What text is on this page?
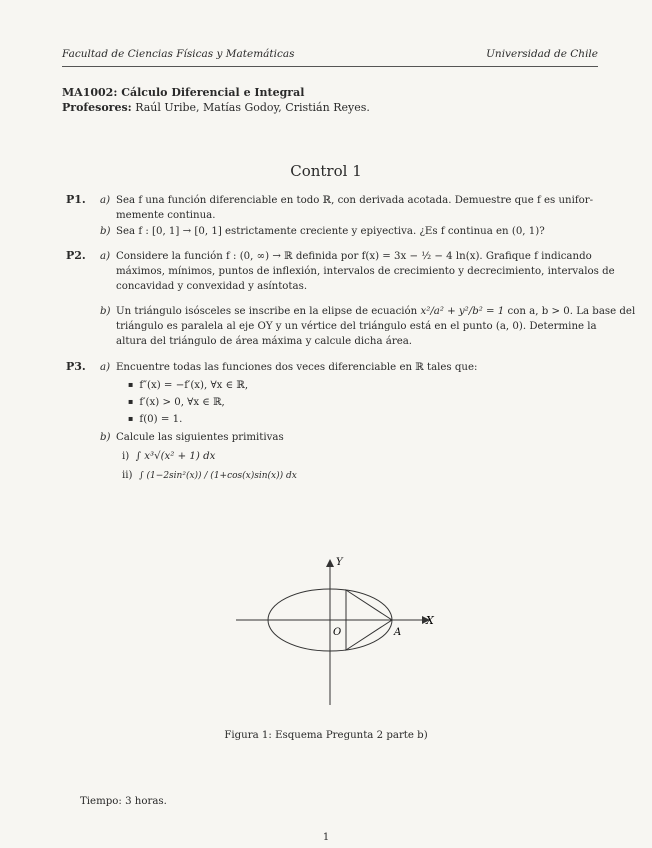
Facultad de Ciencias Físicas y Matemáticas	Universidad de Chile
MA1002: Cálculo Diferencial e Integral
Profesores: Raúl Uribe, Matías Godoy, Cristián Reyes.
Control 1
P1. a) Sea f una función diferenciable en todo ℝ, con derivada acotada. Demuestre que f es unifor-
memente continua.
b) Sea f : [0, 1] → [0, 1] estrictamente creciente y epiyectiva. ¿Es f continua en (0, 1)?
P2. a) Considere la función f : (0, ∞) → ℝ definida por f(x) = 3x − ½ − 4 ln(x). Grafique f indicando
máximos, mínimos, puntos de inflexión, intervalos de crecimiento y decrecimiento, intervalos de
concavidad y convexidad y asíntotas.
b) Un triángulo isósceles se inscribe en la elipse de ecuación x²/a² + y²/b² = 1 con a, b > 0. La base del
triángulo es paralela al eje OY y un vértice del triángulo está en el punto (a, 0). Determine la
altura del triángulo de área máxima y calcule dicha área.
P3. a) Encuentre todas las funciones dos veces diferenciable en ℝ tales que:
▪ f″(x) = −f′(x), ∀x ∈ ℝ,
▪ f′(x) > 0, ∀x ∈ ℝ,
▪ f(0) = 1.
b) Calcule las siguientes primitivas
i) ∫ x³√(x² + 1) dx
ii) ∫ (1−2sin²(x)) / (1+cos(x)sin(x)) dx
Y
X
O	A
Figura 1: Esquema Pregunta 2 parte b)
Tiempo: 3 horas.
1
